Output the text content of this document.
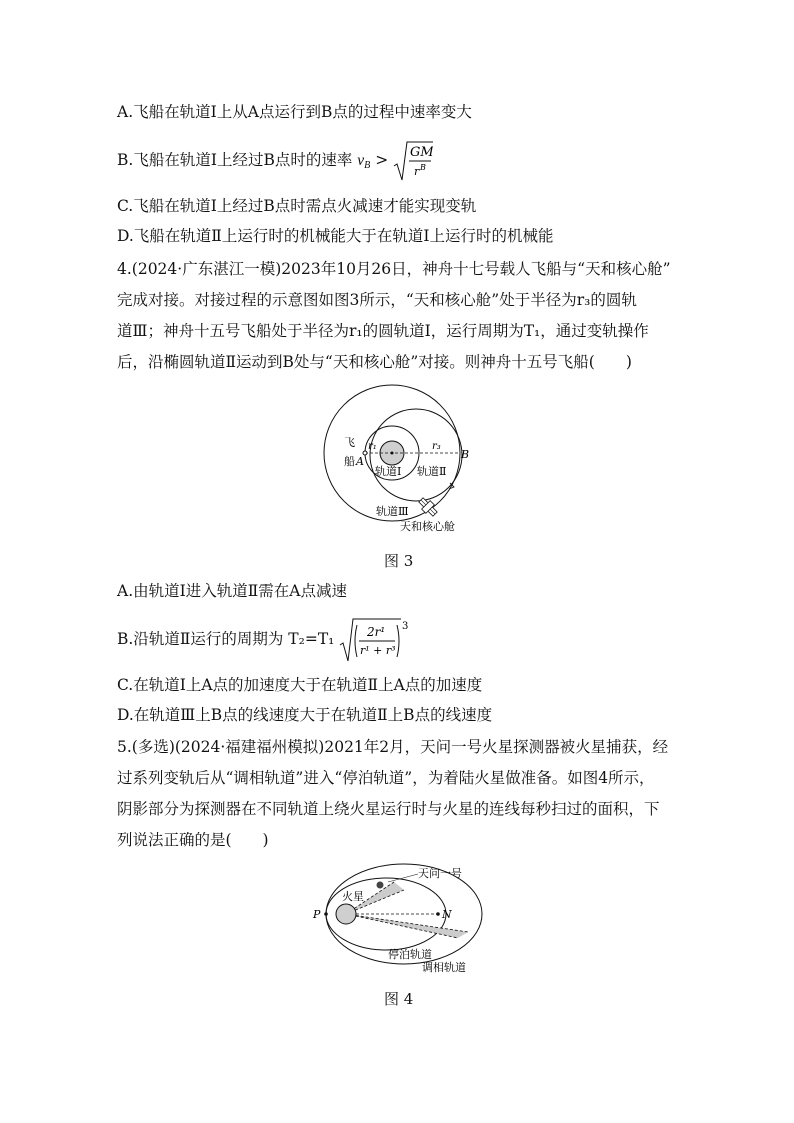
A.飞船在轨道Ⅰ上从A点运行到B点的过程中速率变大
B.飞船在轨道Ⅰ上经过B点时的速率 $v_B$ > GM
r B
C.飞船在轨道Ⅰ上经过B点时需点火减速才能实现变轨
D.飞船在轨道Ⅱ上运行时的机械能大于在轨道Ⅰ上运行时的机械能
4.(2024·广东湛江一模)2023年10月26日，神舟十七号载人飞船与“天和核心舱”
完成对接。对接过程的示意图如图3所示，“天和核心舱”处于半径为r₃的圆轨
道Ⅲ；神舟十五号飞船处于半径为r₁的圆轨道Ⅰ，运行周期为T₁，通过变轨操作
后，沿椭圆轨道Ⅱ运动到B处与“天和核心舱”对接。则神舟十五号飞船(　　)
飞
船 A
B
r₁	r₃
轨道Ⅰ 轨道Ⅱ
轨道Ⅲ
天和核心舱
图 3
A.由轨道Ⅰ进入轨道Ⅱ需在A点减速
B.沿轨道Ⅱ运行的周期为 T₂=T₁	2r¹
r¹ + r³
3
C.在轨道Ⅰ上A点的加速度大于在轨道Ⅱ上A点的加速度
D.在轨道Ⅲ上B点的线速度大于在轨道Ⅱ上B点的线速度
5.(多选)(2024·福建福州模拟)2021年2月，天问一号火星探测器被火星捕获，经
过系列变轨后从“调相轨道”进入“停泊轨道”，为着陆火星做准备。如图4所示，
阴影部分为探测器在不同轨道上绕火星运行时与火星的连线每秒扫过的面积，下
列说法正确的是(　　)
天问一号
火星
P	N
停泊轨道
调相轨道
图 4
